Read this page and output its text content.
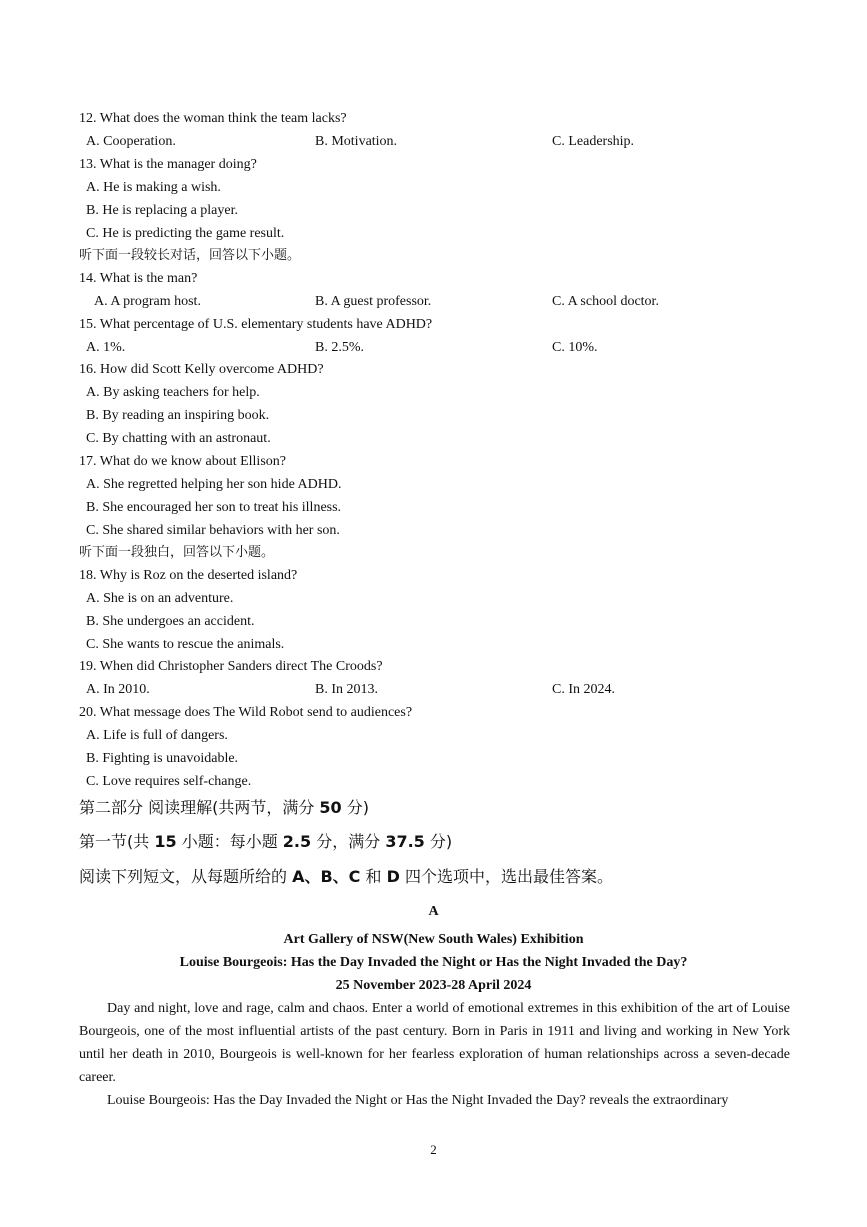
12. What does the woman think the team lacks?
A. Cooperation.	B. Motivation.	C. Leadership.
13. What is the manager doing?
A. He is making a wish.
B. He is replacing a player.
C. He is predicting the game result.
听下面一段较长对话，回答以下小题。
14. What is the man?
A. A program host.	B. A guest professor.	C. A school doctor.
15. What percentage of U.S. elementary students have ADHD?
A. 1%.	B. 2.5%.	C. 10%.
16. How did Scott Kelly overcome ADHD?
A. By asking teachers for help.
B. By reading an inspiring book.
C. By chatting with an astronaut.
17. What do we know about Ellison?
A. She regretted helping her son hide ADHD.
B. She encouraged her son to treat his illness.
C. She shared similar behaviors with her son.
听下面一段独白，回答以下小题。
18. Why is Roz on the deserted island?
A. She is on an adventure.
B. She undergoes an accident.
C. She wants to rescue the animals.
19. When did Christopher Sanders direct The Croods?
A. In 2010.	B. In 2013.	C. In 2024.
20. What message does The Wild Robot send to audiences?
A. Life is full of dangers.
B. Fighting is unavoidable.
C. Love requires self-change.
第二部分 阅读理解(共两节，满分 50 分)
第一节(共 15 小题：每小题 2.5 分，满分 37.5 分)
阅读下列短文，从每题所给的 A、B、C 和 D 四个选项中，选出最佳答案。
A
Art Gallery of NSW(New South Wales) Exhibition
Louise Bourgeois: Has the Day Invaded the Night or Has the Night Invaded the Day?
25 November 2023-28 April 2024
Day and night, love and rage, calm and chaos. Enter a world of emotional extremes in this exhibition of the art of Louise Bourgeois, one of the most influential artists of the past century. Born in Paris in 1911 and living and working in New York until her death in 2010, Bourgeois is well-known for her fearless exploration of human relationships across a seven-decade career.
Louise Bourgeois: Has the Day Invaded the Night or Has the Night Invaded the Day? reveals the extraordinary
2
